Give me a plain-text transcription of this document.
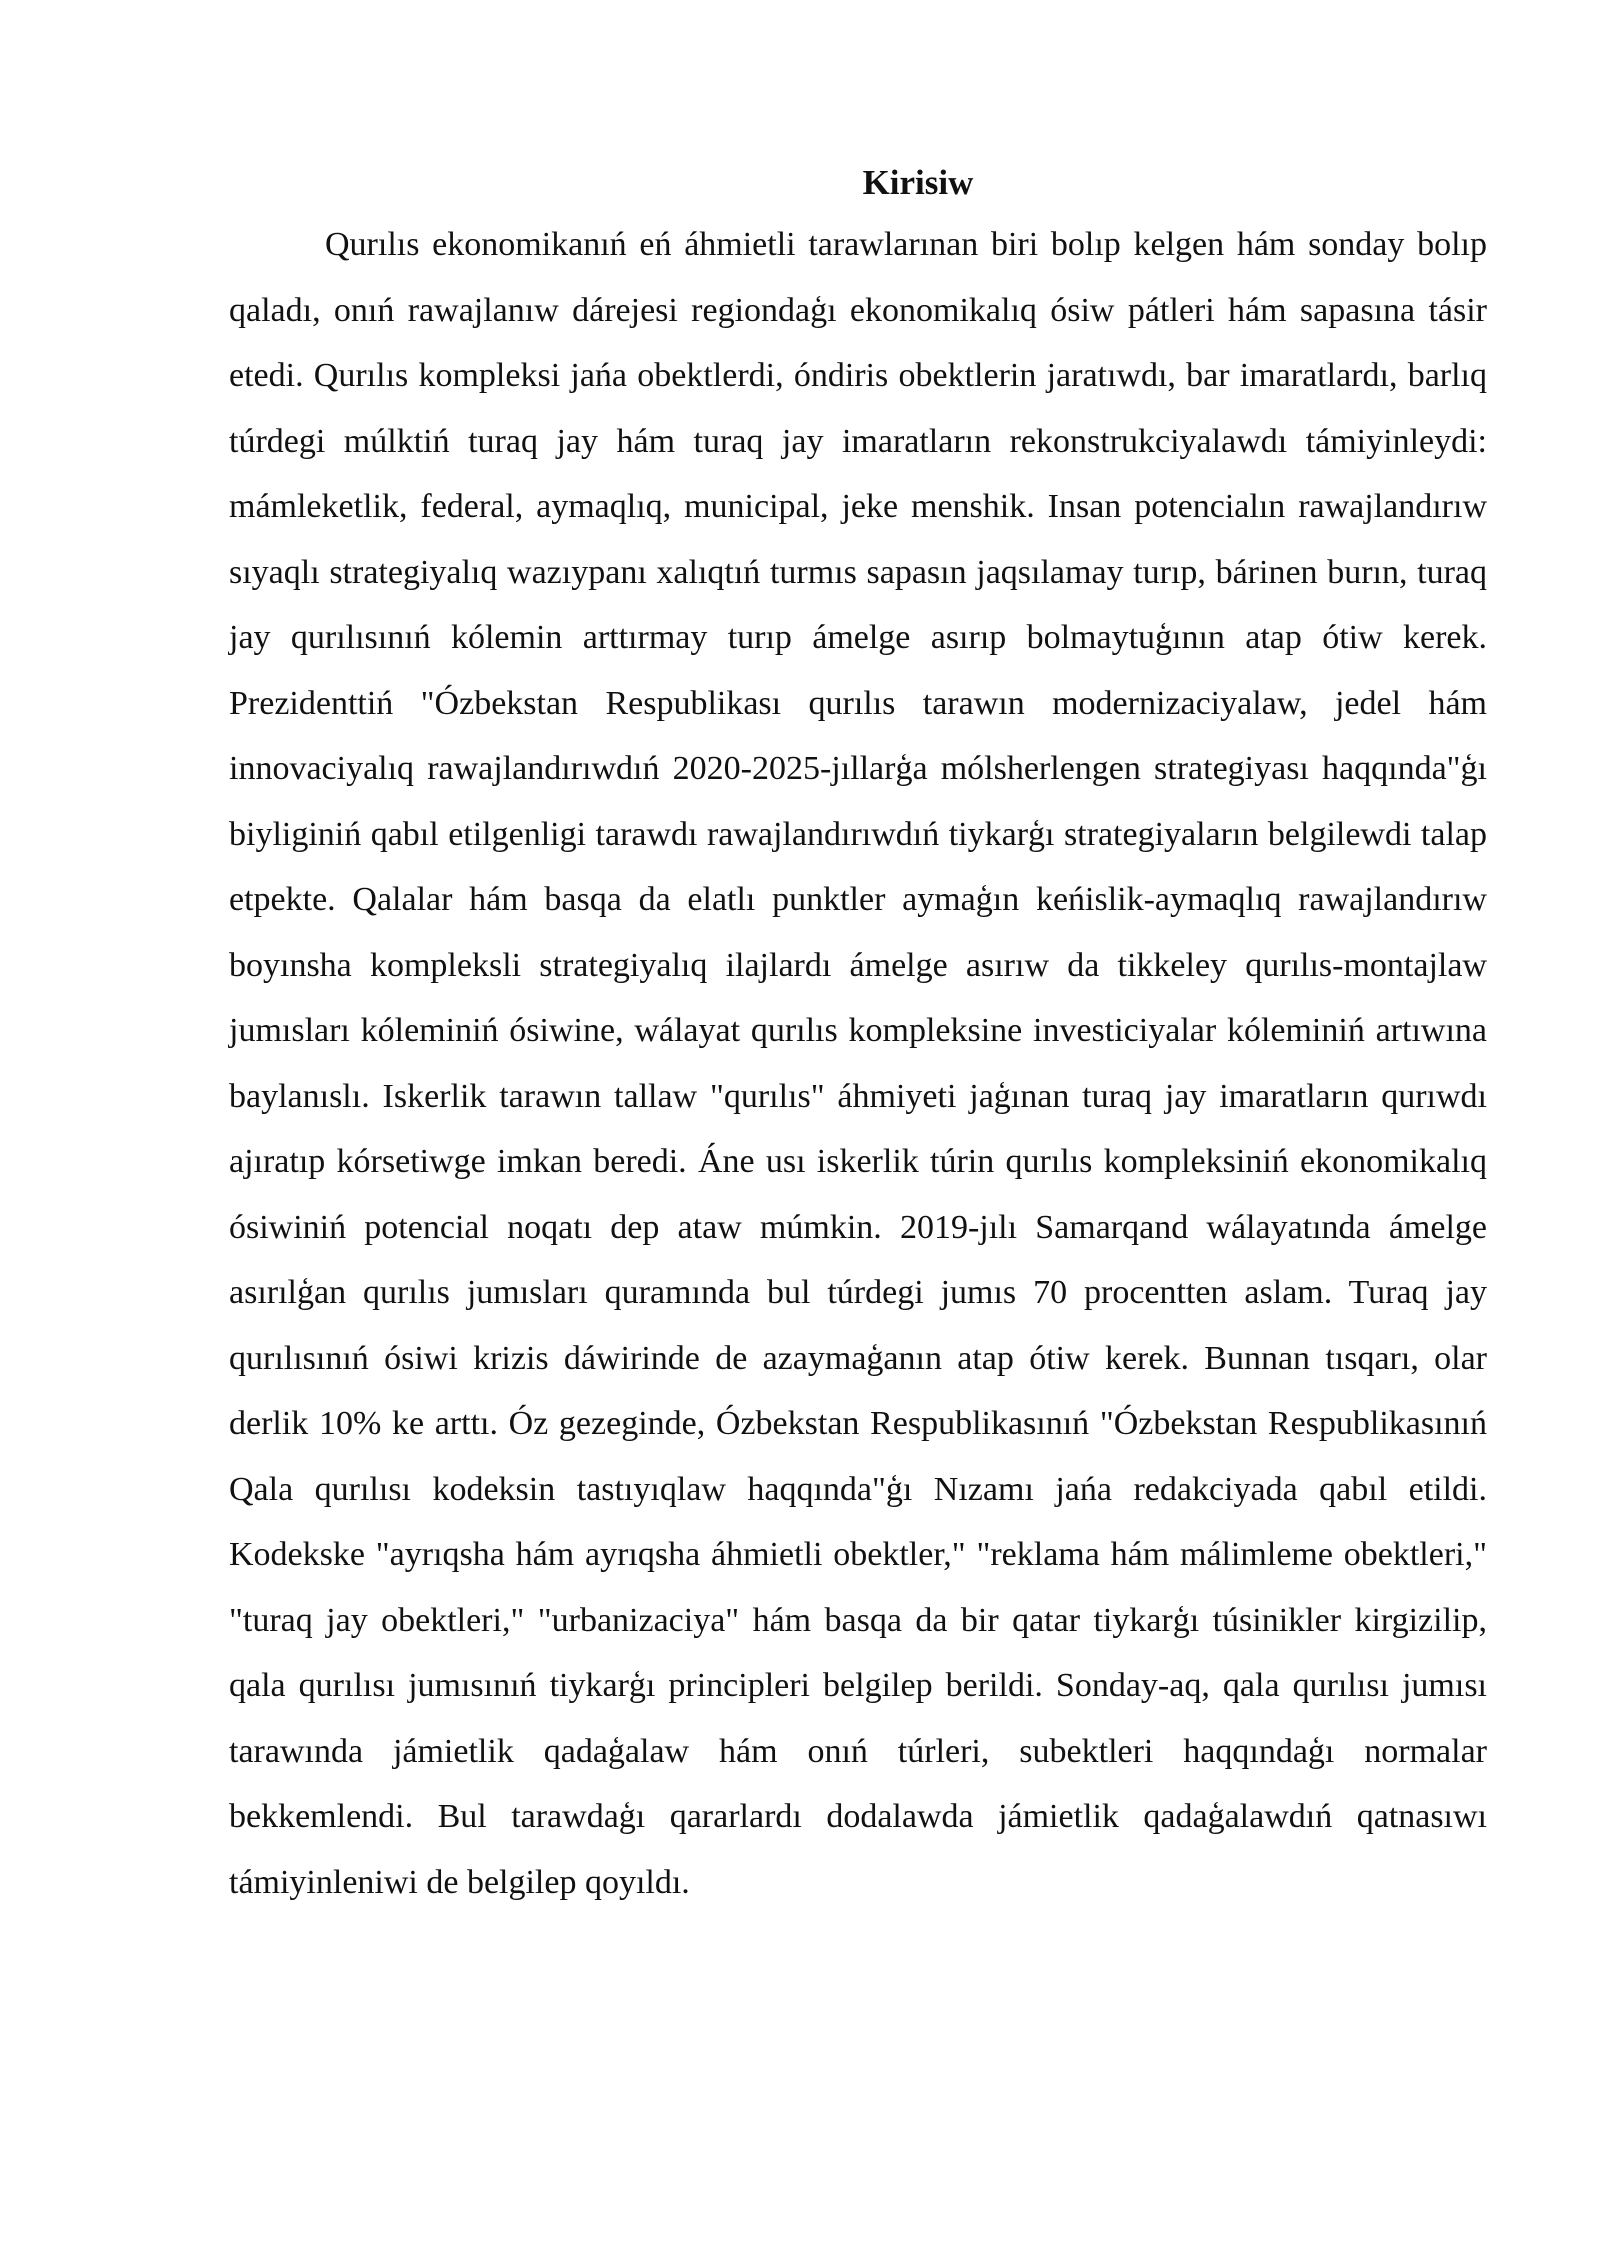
Kirisiw

Qurılıs ekonomikanıń eń áhmietli tarawlarınan biri bolıp kelgen hám sonday bolıp qaladı, onıń rawajlanıw dárejesi regiondaģı ekonomikalıq ósiw pátleri hám sapasına tásir etedi. Qurılıs kompleksi jańa obektlerdi, óndiris obektlerin jaratıwdı, bar imaratlardı, barlıq túrdegi múlktiń turaq jay hám turaq jay imaratların rekonstrukciyalawdı támiyinleydi: mámleketlik, federal, aymaqlıq, municipal, jeke menshik. Insan potencialın rawajlandırıw sıyaqlı strategiyalıq wazıypanı xalıqtıń turmıs sapasın jaqsılamay turıp, bárinen burın, turaq jay qurılısınıń kólemin arttırmay turıp ámelge asırıp bolmaytuģının atap ótiw kerek. Prezidenttiń "Ózbekstan Respublikası qurılıs tarawın modernizaciyalaw, jedel hám innovaciyalıq rawajlandırıwdıń 2020-2025-jıllarģa mólsherlengen strategiyası haqqında"ģı biyliginiń qabıl etilgenligi tarawdı rawajlandırıwdıń tiykarģı strategiyaların belgilewdi talap etpekte. Qalalar hám basqa da elatlı punktler aymaģın keńislik-aymaqlıq rawajlandırıw boyınsha kompleksli strategiyalıq ilajlardı ámelge asırıw da tikkeley qurılıs-montajlaw jumısları kóleminiń ósiwine, wálayat qurılıs kompleksine investiciyalar kóleminiń artıwına baylanıslı. Iskerlik tarawın tallaw "qurılıs" áhmiyeti jaģınan turaq jay imaratların qurıwdı ajıratıp kórsetiwge imkan beredi. Áne usı iskerlik túrin qurılıs kompleksiniń ekonomikalıq ósiwiniń potencial noqatı dep ataw múmkin. 2019-jılı Samarqand wálayatında ámelge asırılģan qurılıs jumısları quramında bul túrdegi jumıs 70 procentten aslam. Turaq jay qurılısınıń ósiwi krizis dáwirinde de azaymaģanın atap ótiw kerek. Bunnan tısqarı, olar derlik 10% ke arttı. Óz gezeginde, Ózbekstan Respublikasınıń "Ózbekstan Respublikasınıń Qala qurılısı kodeksin tastıyıqlaw haqqında"ģı Nızamı jańa redakciyada qabıl etildi. Kodekske "ayrıqsha hám ayrıqsha áhmietli obektler," "reklama hám málimleme obektleri," "turaq jay obektleri," "urbanizaciya" hám basqa da bir qatar tiykarģı túsinikler kirgizilip, qala qurılısı jumısınıń tiykarģı principleri belgilep berildi. Sonday-aq, qala qurılısı jumısı tarawında jámietlik qadaģalaw hám onıń túrleri, subektleri haqqındaģı normalar bekkemlendi. Bul tarawdaģı qararlardı dodalawda jámietlik qadaģalawdıń qatnasıwı támiyinleniwi de belgilep qoyıldı.
